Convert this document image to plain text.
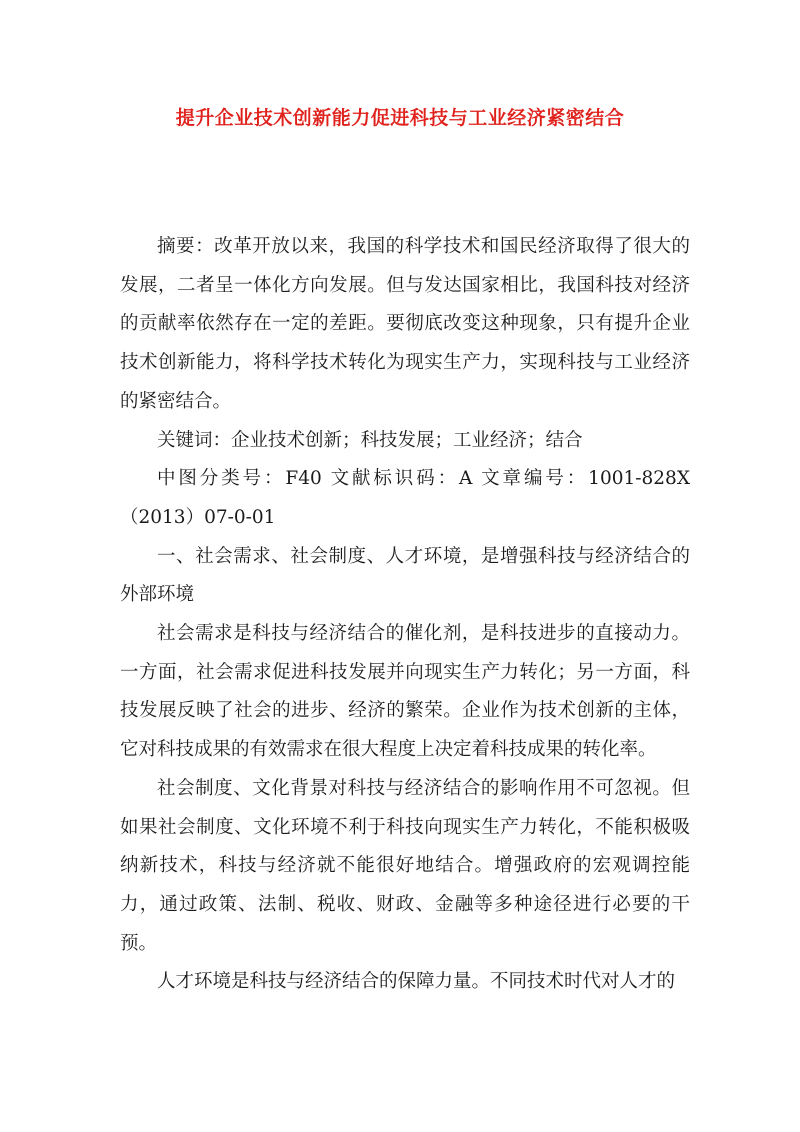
提升企业技术创新能力促进科技与工业经济紧密结合

摘要：改革开放以来，我国的科学技术和国民经济取得了很大的发展，二者呈一体化方向发展。但与发达国家相比，我国科技对经济的贡献率依然存在一定的差距。要彻底改变这种现象，只有提升企业技术创新能力，将科学技术转化为现实生产力，实现科技与工业经济的紧密结合。

关键词：企业技术创新；科技发展；工业经济；结合

中图分类号：F40 文献标识码：A 文章编号：1001-828X（2013）07-0-01

一、社会需求、社会制度、人才环境，是增强科技与经济结合的外部环境

社会需求是科技与经济结合的催化剂，是科技进步的直接动力。一方面，社会需求促进科技发展并向现实生产力转化；另一方面，科技发展反映了社会的进步、经济的繁荣。企业作为技术创新的主体，它对科技成果的有效需求在很大程度上决定着科技成果的转化率。

社会制度、文化背景对科技与经济结合的影响作用不可忽视。但如果社会制度、文化环境不利于科技向现实生产力转化，不能积极吸纳新技术，科技与经济就不能很好地结合。增强政府的宏观调控能力，通过政策、法制、税收、财政、金融等多种途径进行必要的干预。

人才环境是科技与经济结合的保障力量。不同技术时代对人才的
